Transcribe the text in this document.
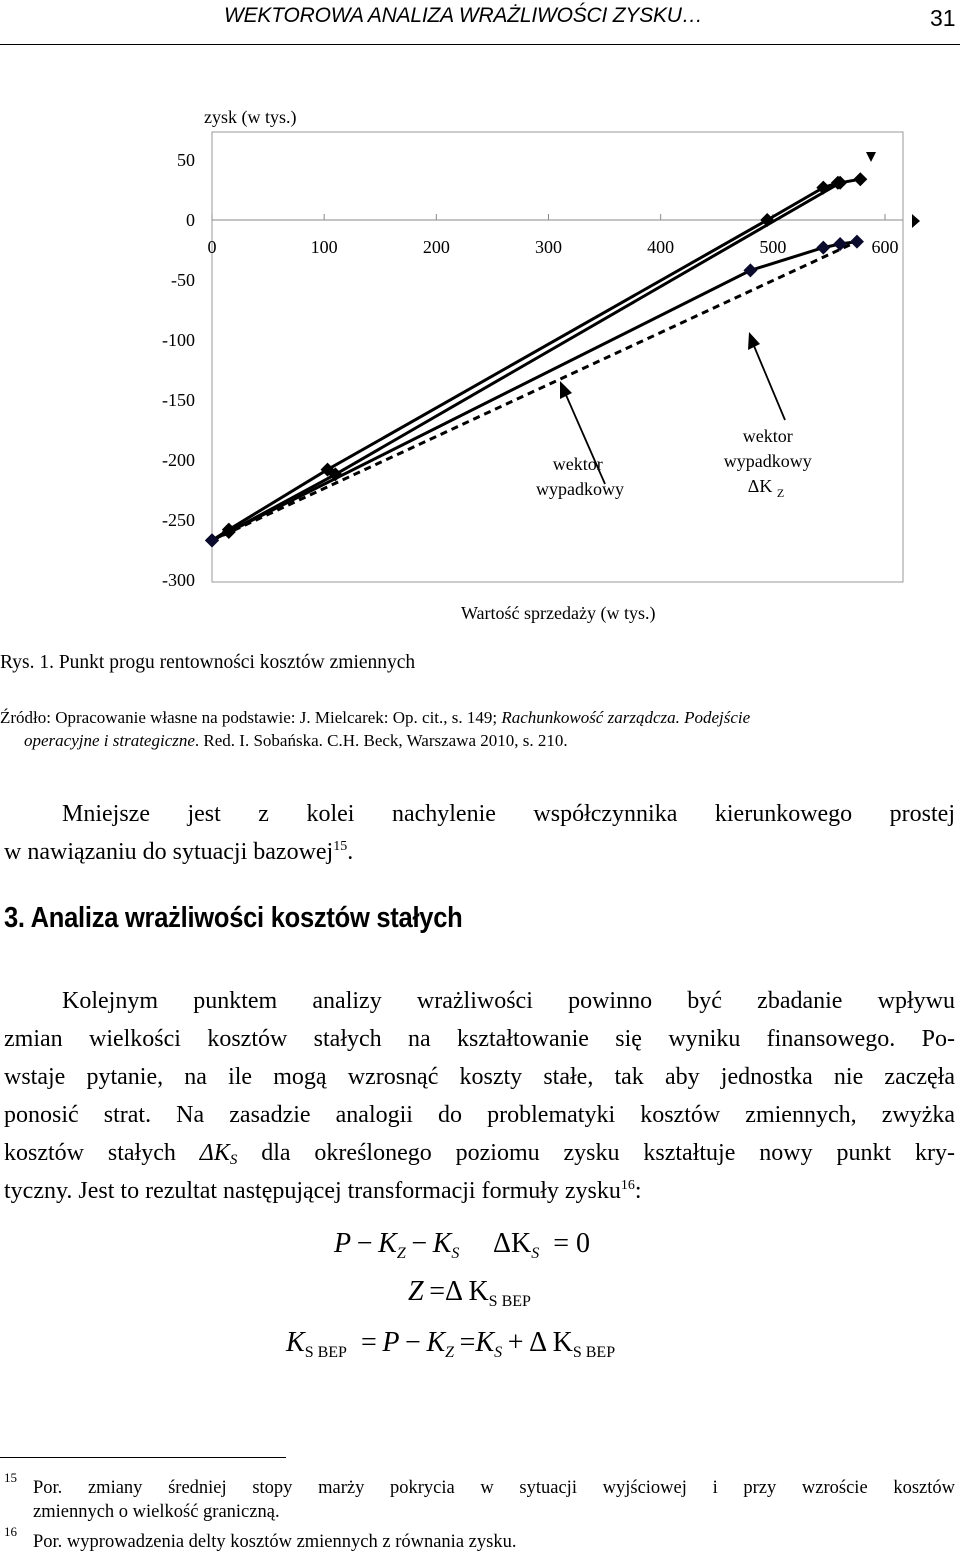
WEKTOROWA ANALIZA WRAŻLIWOŚCI ZYSKU…	31
50
0
-50
-100
-150
-200
-250
-300
0	100	200	300	400	500	600
zysk (w tys.)
Wartość sprzedaży (w tys.)
wektor wypadkowy
wektor wypadkowy ΔK $_Z$
Rys. 1. Punkt progu rentowności kosztów zmiennych
Źródło: Opracowanie własne na podstawie: J. Mielcarek: Op. cit., s. 149; Rachunkowość zarządcza. Podejście
operacyjne i strategiczne. Red. I. Sobańska. C.H. Beck, Warszawa 2010, s. 210.
Mniejsze jest z kolei nachylenie współczynnika kierunkowego prostej
w nawiązaniu do sytuacji bazowej$^{15}$.
3. Analiza wrażliwości kosztów stałych
Kolejnym punktem analizy wrażliwości powinno być zbadanie wpływu
zmian wielkości kosztów stałych na kształtowanie się wyniku finansowego. Po-
wstaje pytanie, na ile mogą wzrosnąć koszty stałe, tak aby jednostka nie zaczęła
ponosić strat. Na zasadzie analogii do problematyki kosztów zmiennych, zwyżka
kosztów stałych $\Delta K_S$ dla określonego poziomu zysku kształtuje nowy punkt kry-
tyczny. Jest to rezultat następującej transformacji formuły zysku$^{16}$:
$P - K_Z - K_S$   $\Delta K_S$  = 0
Z  =Δ $K_{S BEP}$
$K_{S BEP}$  =  $P - K_Z =K_S + \Delta$ $K_{S BEP}$
15
Por. zmiany średniej stopy marży pokrycia w sytuacji wyjściowej i przy wzroście kosztów
zmiennych o wielkość graniczną.
16
Por. wyprowadzenia delty kosztów zmiennych z równania zysku.
